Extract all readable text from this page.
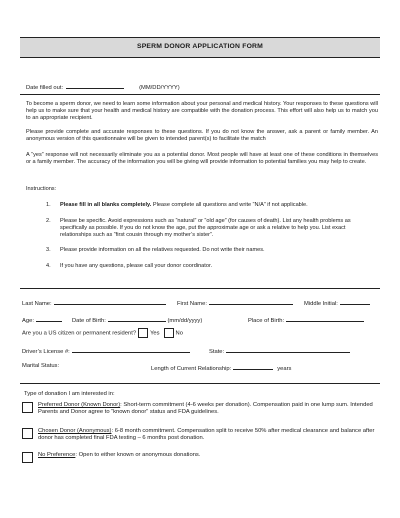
SPERM DONOR APPLICATION FORM
Date filled out:	(MM/DD/YYYY)
To become a sperm donor, we need to learn some information about your personal and medical history. Your responses to these questions will help us to make sure that your health and medical history are compatible with the donation process. This effort will also help us to match you to an appropriate recipient.
Please provide complete and accurate responses to these questions. If you do not know the answer, ask a parent or family member. An anonymous version of this questionnaire will be given to intended parent(s) to facilitate the match
A “yes” response will not necessarily eliminate you as a potential donor. Most people will have at least one of these conditions in themselves or a family member. The accuracy of the information you will be giving will provide information to potential families you may help to create.
Instructions:
1.	Please fill in all blanks completely. Please complete all questions and write “N/A” if not applicable.
2.	Please be specific. Avoid expressions such as “natural” or “old age” (for causes of death). List any health problems as specifically as possible. If you do not know the age, put the approximate age or ask a relative to help you. List exact relationships such as “first cousin through my mother’s sister”.
3.	Please provide information on all the relatives requested. Do not write their names.
4.	If you have any questions, please call your donor coordinator.
Last Name:	First Name:	Middle Initial:
Age:	Date of Birth:	(mm/dd/yyyy)	Place of Birth:
Are you a US citizen or permanent resident? Yes	No
Driver’s License #:	State:
Marital Status:	Length of Current Relationship:	years
Type of donation I am interested in:
Preferred Donor (Known Donor): Short-term commitment (4-6 weeks per donation). Compensation paid in one lump sum. Intended Parents and Donor agree to “known donor” status and FDA guidelines.
Chosen Donor (Anonymous): 6-8 month commitment. Compensation split to receive 50% after medical clearance and balance after donor has completed final FDA testing – 6 months post donation.
No Preference: Open to either known or anonymous donations.
